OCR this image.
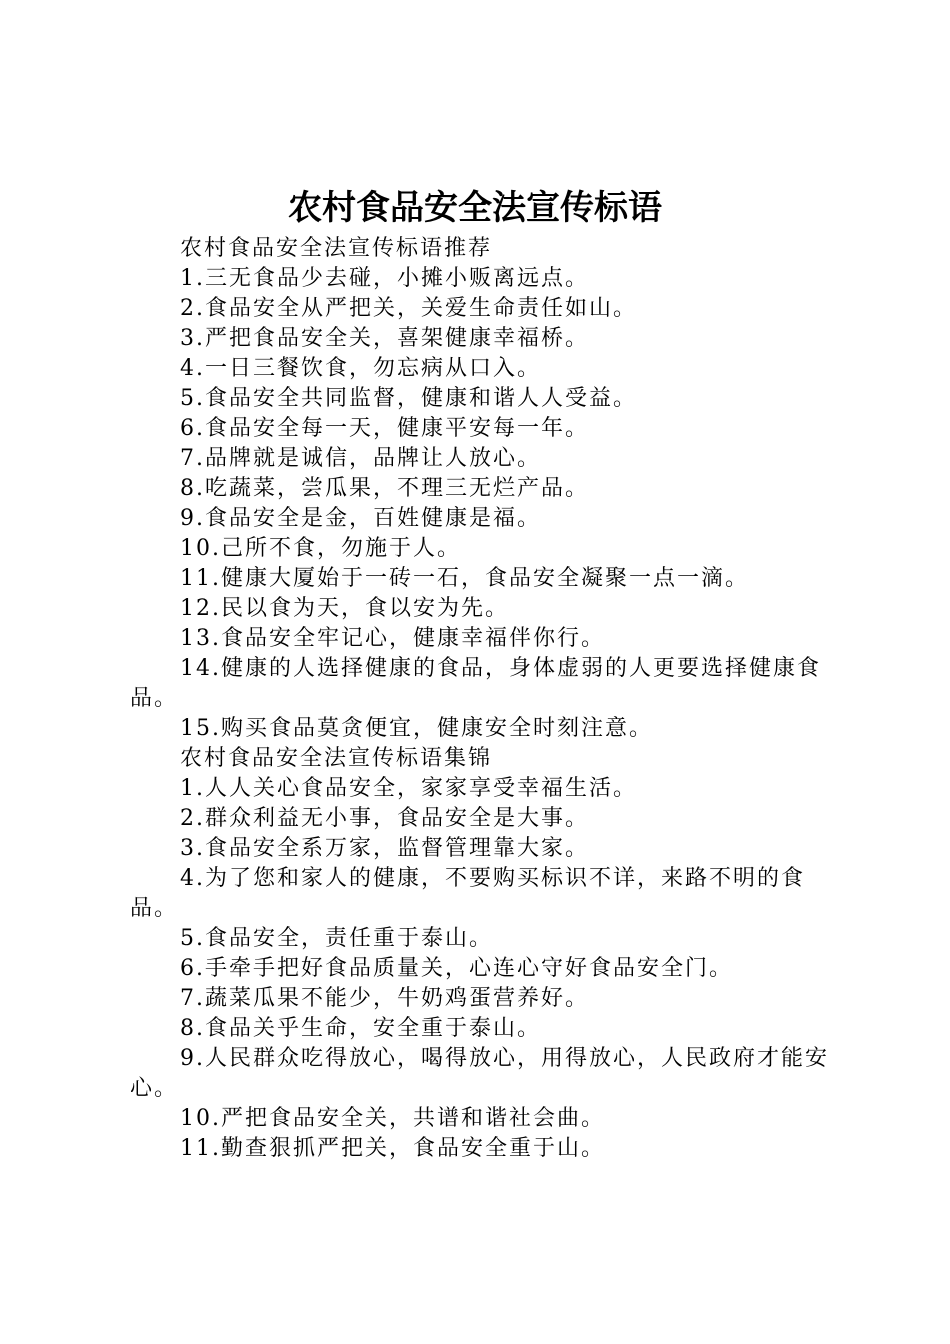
农村食品安全法宣传标语

农村食品安全法宣传标语推荐

1.三无食品少去碰，小摊小贩离远点。

2.食品安全从严把关，关爱生命责任如山。

3.严把食品安全关，喜架健康幸福桥。

4.一日三餐饮食，勿忘病从口入。

5.食品安全共同监督，健康和谐人人受益。

6.食品安全每一天，健康平安每一年。

7.品牌就是诚信，品牌让人放心。

8.吃蔬菜，尝瓜果，不理三无烂产品。

9.食品安全是金，百姓健康是福。

10.己所不食，勿施于人。

11.健康大厦始于一砖一石，食品安全凝聚一点一滴。

12.民以食为天，食以安为先。

13.食品安全牢记心，健康幸福伴你行。

14.健康的人选择健康的食品，身体虚弱的人更要选择健康食品。

15.购买食品莫贪便宜，健康安全时刻注意。

农村食品安全法宣传标语集锦

1.人人关心食品安全，家家享受幸福生活。

2.群众利益无小事，食品安全是大事。

3.食品安全系万家，监督管理靠大家。

4.为了您和家人的健康，不要购买标识不详，来路不明的食品。

5.食品安全，责任重于泰山。

6.手牵手把好食品质量关，心连心守好食品安全门。

7.蔬菜瓜果不能少，牛奶鸡蛋营养好。

8.食品关乎生命，安全重于泰山。

9.人民群众吃得放心，喝得放心，用得放心，人民政府才能安心。

10.严把食品安全关，共谱和谐社会曲。

11.勤查狠抓严把关，食品安全重于山。
